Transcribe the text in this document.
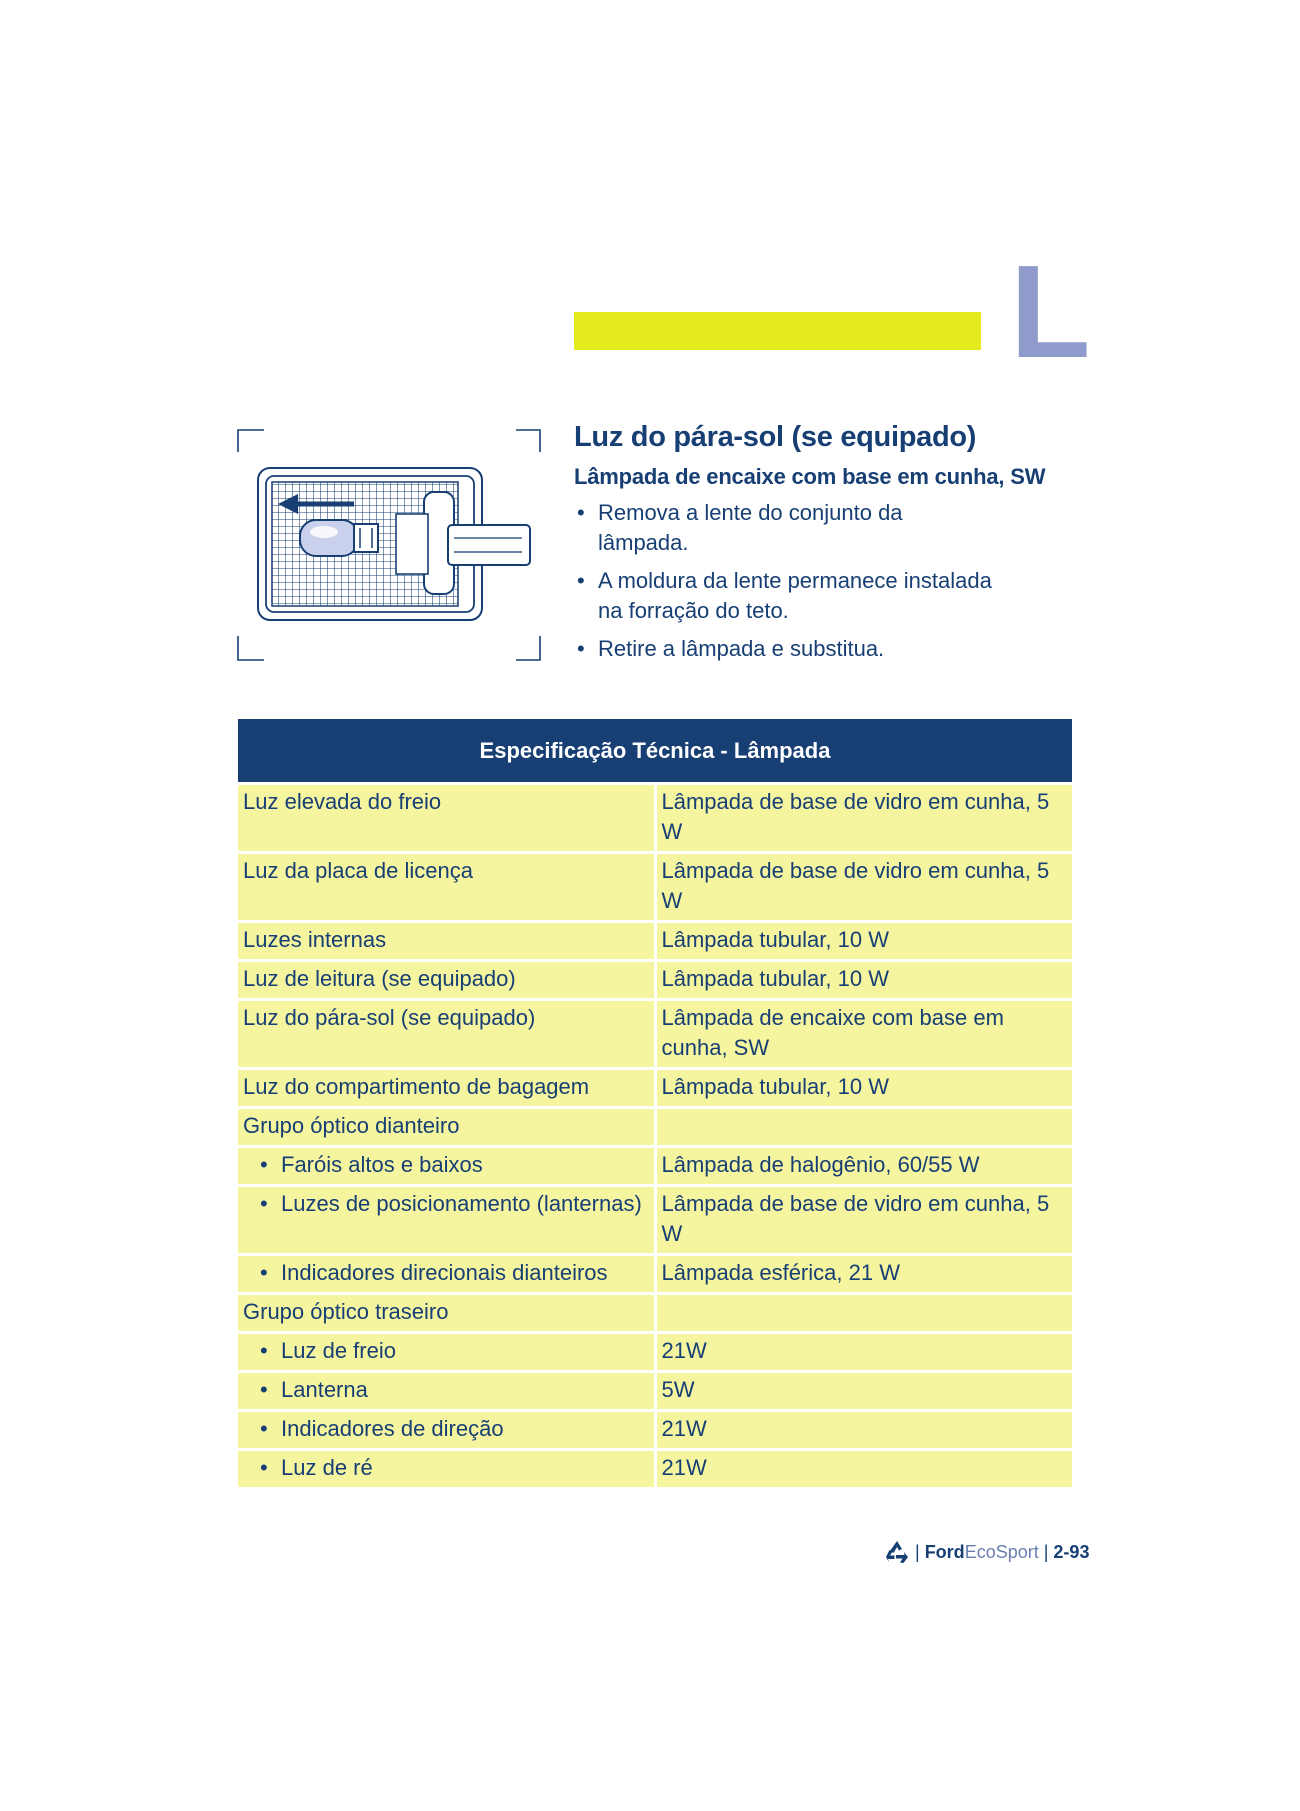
L
Luz do pára-sol (se equipado)
Lâmpada de encaixe com base em cunha, SW
• Remova a lente do conjunto da lâmpada.
• A moldura da lente permanece instalada na forração do teto.
• Retire a lâmpada e substitua.
Especificação Técnica - Lâmpada	
Luz elevada do freio	Lâmpada de base de vidro em cunha, 5 W
Luz da placa de licença	Lâmpada de base de vidro em cunha, 5 W
Luzes internas	Lâmpada tubular, 10 W
Luz de leitura (se equipado)	Lâmpada tubular, 10 W
Luz do pára-sol (se equipado)	Lâmpada de encaixe com base em cunha, SW
Luz do compartimento de bagagem	Lâmpada tubular, 10 W
Grupo óptico dianteiro	

• Faróis altos e baixos	Lâmpada de halogênio, 60/55 W

• Luzes de posicionamento (lanternas)	Lâmpada de base de vidro em cunha, 5 W

• Indicadores direcionais dianteiros	Lâmpada esférica, 21 W
Grupo óptico traseiro	

• Luz de freio	21W

• Lanterna	5W

• Indicadores de direção	21W

• Luz de ré	21W
| Ford EcoSport | 2-93
